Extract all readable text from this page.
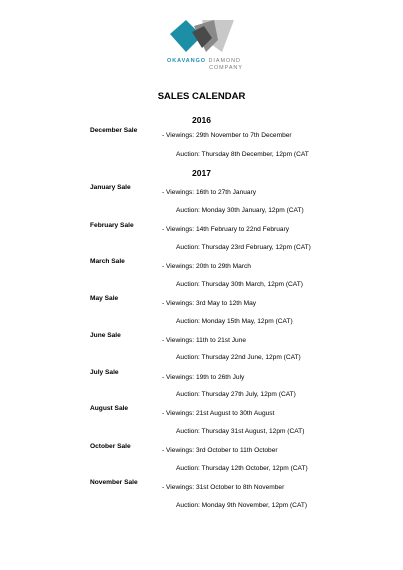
OKAVANGO DIAMOND
COMPANY
SALES CALENDAR
2016
2017
December Sale
- Viewings: 29th November to 7th December
Auction: Thursday 8th December, 12pm (CAT
January Sale
- Viewings: 16th to 27th January
Auction: Monday 30th January, 12pm (CAT)
February Sale
- Viewings: 14th February to 22nd February
Auction: Thursday 23rd February, 12pm (CAT)
March Sale
- Viewings: 20th to 29th March
Auction: Thursday 30th March, 12pm (CAT)
May Sale
- Viewings: 3rd May to 12th May
Auction: Monday 15th May, 12pm (CAT)
June Sale
- Viewings: 11th to 21st June
Auction: Thursday 22nd June, 12pm (CAT)
July Sale
- Viewings: 19th to 26th July
Auction: Thursday 27th July, 12pm (CAT)
August Sale
- Viewings: 21st August to 30th August
Auction: Thursday 31st August, 12pm (CAT)
October Sale
- Viewings: 3rd October to 11th October
Auction: Thursday 12th October, 12pm (CAT)
November Sale
- Viewings: 31st October to 8th November
Auction: Monday 9th November, 12pm (CAT)
